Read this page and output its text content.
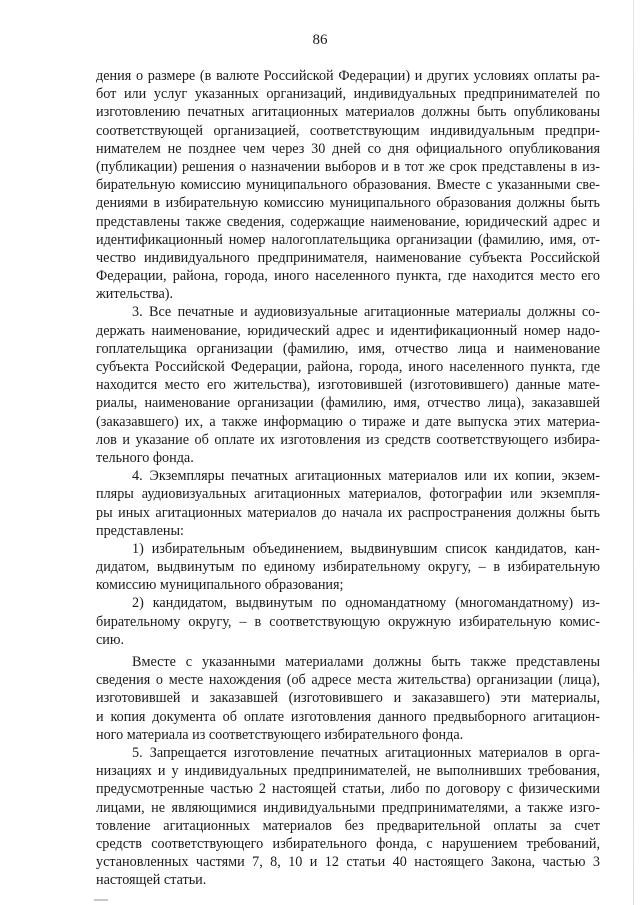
86
дения о размере (в валюте Российской Федерации) и других условиях оплаты ра-
бот или услуг указанных организаций, индивидуальных предпринимателей по
изготовлению печатных агитационных материалов должны быть опубликованы
соответствующей организацией, соответствующим индивидуальным предпри-
нимателем не позднее чем через 30 дней со дня официального опубликования
(публикации) решения о назначении выборов и в тот же срок представлены в из-
бирательную комиссию муниципального образования. Вместе с указанными све-
дениями в избирательную комиссию муниципального образования должны быть
представлены также сведения, содержащие наименование, юридический адрес и
идентификационный номер налогоплательщика организации (фамилию, имя, от-
чество индивидуального предпринимателя, наименование субъекта Российской
Федерации, района, города, иного населенного пункта, где находится место его
жительства).
3. Все печатные и аудиовизуальные агитационные материалы должны со-
держать наименование, юридический адрес и идентификационный номер надо-
гоплательщика организации (фамилию, имя, отчество лица и наименование
субъекта Российской Федерации, района, города, иного населенного пункта, где
находится место его жительства), изготовившей (изготовившего) данные мате-
риалы, наименование организации (фамилию, имя, отчество лица), заказавшей
(заказавшего) их, а также информацию о тираже и дате выпуска этих материа-
лов и указание об оплате их изготовления из средств соответствующего избира-
тельного фонда.
4. Экземпляры печатных агитационных материалов или их копии, экзем-
пляры аудиовизуальных агитационных материалов, фотографии или экземпля-
ры иных агитационных материалов до начала их распространения должны быть
представлены:
1) избирательным объединением, выдвинувшим список кандидатов, кан-
дидатом, выдвинутым по единому избирательному округу, – в избирательную
комиссию муниципального образования;
2) кандидатом, выдвинутым по одномандатному (многомандатному) из-
бирательному округу, – в соответствующую окружную избирательную комис-
сию.
Вместе с указанными материалами должны быть также представлены
сведения о месте нахождения (об адресе места жительства) организации (лица),
изготовившей и заказавшей (изготовившего и заказавшего) эти материалы,
и копия документа об оплате изготовления данного предвыборного агитацион-
ного материала из соответствующего избирательного фонда.
5. Запрещается изготовление печатных агитационных материалов в орга-
низациях и у индивидуальных предпринимателей, не выполнивших требования,
предусмотренные частью 2 настоящей статьи, либо по договору с физическими
лицами, не являющимися индивидуальными предпринимателями, а также изго-
товление агитационных материалов без предварительной оплаты за счет
средств соответствующего избирательного фонда, с нарушением требований,
установленных частями 7, 8, 10 и 12 статьи 40 настоящего Закона, частью 3
настоящей статьи.
